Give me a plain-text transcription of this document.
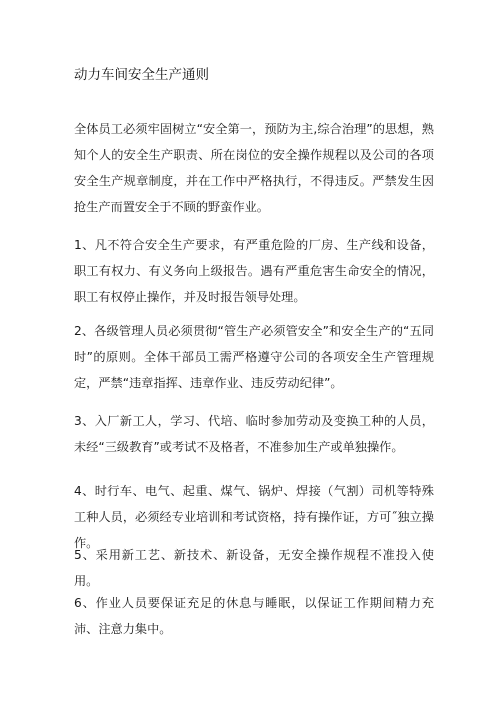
动力车间安全生产通则
全体员工必须牢固树立“安全第一，预防为主,综合治理”的思想，熟知个人的安全生产职责、所在岗位的安全操作规程以及公司的各项安全生产规章制度，并在工作中严格执行，不得违反。严禁发生因抢生产而置安全于不顾的野蛮作业。
1、凡不符合安全生产要求，有严重危险的厂房、生产线和设备，职工有权力、有义务向上级报告。遇有严重危害生命安全的情况，职工有权停止操作，并及时报告领导处理。
2、各级管理人员必须贯彻“管生产必须管安全”和安全生产的“五同时”的原则。全体干部员工需严格遵守公司的各项安全生产管理规定，严禁“违章指挥、违章作业、违反劳动纪律”。
3、入厂新工人，学习、代培、临时参加劳动及变换工种的人员，未经“三级教育”或考试不及格者，不准参加生产或单独操作。
4、时行车、电气、起重、煤气、锅炉、焊接（气割）司机等特殊工种人员，必须经专业培训和考试资格，持有操作证，方可˝独立操作。
5、采用新工艺、新技术、新设备，无安全操作规程不准投入使用。
6、作业人员要保证充足的休息与睡眠，以保证工作期间精力充沛、注意力集中。
